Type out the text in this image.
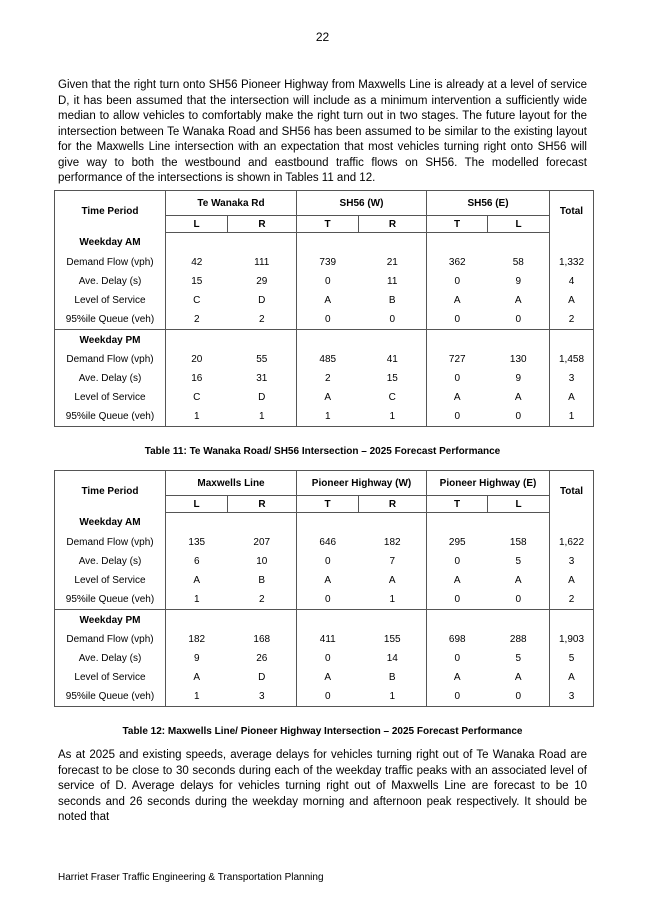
22

Given that the right turn onto SH56 Pioneer Highway from Maxwells Line is already at a level of service D, it has been assumed that the intersection will include as a minimum intervention a sufficiently wide median to allow vehicles to comfortably make the right turn out in two stages. The future layout for the intersection between Te Wanaka Road and SH56 has been assumed to be similar to the existing layout for the Maxwells Line intersection with an expectation that most vehicles turning right onto SH56 will give way to both the westbound and eastbound traffic flows on SH56. The modelled forecast performance of the intersections is shown in Tables 11 and 12.

Time Period	Te Wanaka Rd		SH56 (W)		SH56 (E)		Total
	L	R	T	R	T	L	
Weekday AM							
Demand Flow (vph)	42	111	739	21	362	58	1,332
Ave. Delay (s)	15	29	0	11	0	9	4
Level of Service	C	D	A	B	A	A	A
95%ile Queue (veh)	2	2	0	0	0	0	2
Weekday PM							
Demand Flow (vph)	20	55	485	41	727	130	1,458
Ave. Delay (s)	16	31	2	15	0	9	3
Level of Service	C	D	A	C	A	A	A
95%ile Queue (veh)	1	1	1	1	0	0	1
Table 11: Te Wanaka Road/ SH56 Intersection – 2025 Forecast Performance
Time Period	Maxwells Line		Pioneer Highway (W)		Pioneer Highway (E)		Total
	L	R	T	R	T	L	
Weekday AM							
Demand Flow (vph)	135	207	646	182	295	158	1,622
Ave. Delay (s)	6	10	0	7	0	5	3
Level of Service	A	B	A	A	A	A	A
95%ile Queue (veh)	1	2	0	1	0	0	2
Weekday PM							
Demand Flow (vph)	182	168	411	155	698	288	1,903
Ave. Delay (s)	9	26	0	14	0	5	5
Level of Service	A	D	A	B	A	A	A
95%ile Queue (veh)	1	3	0	1	0	0	3
Table 12: Maxwells Line/ Pioneer Highway Intersection – 2025 Forecast Performance

As at 2025 and existing speeds, average delays for vehicles turning right out of Te Wanaka Road are forecast to be close to 30 seconds during each of the weekday traffic peaks with an associated level of service of D. Average delays for vehicles turning right out of Maxwells Line are forecast to be 10 seconds and 26 seconds during the weekday morning and afternoon peak respectively. It should be noted that

Harriet Fraser Traffic Engineering & Transportation Planning
